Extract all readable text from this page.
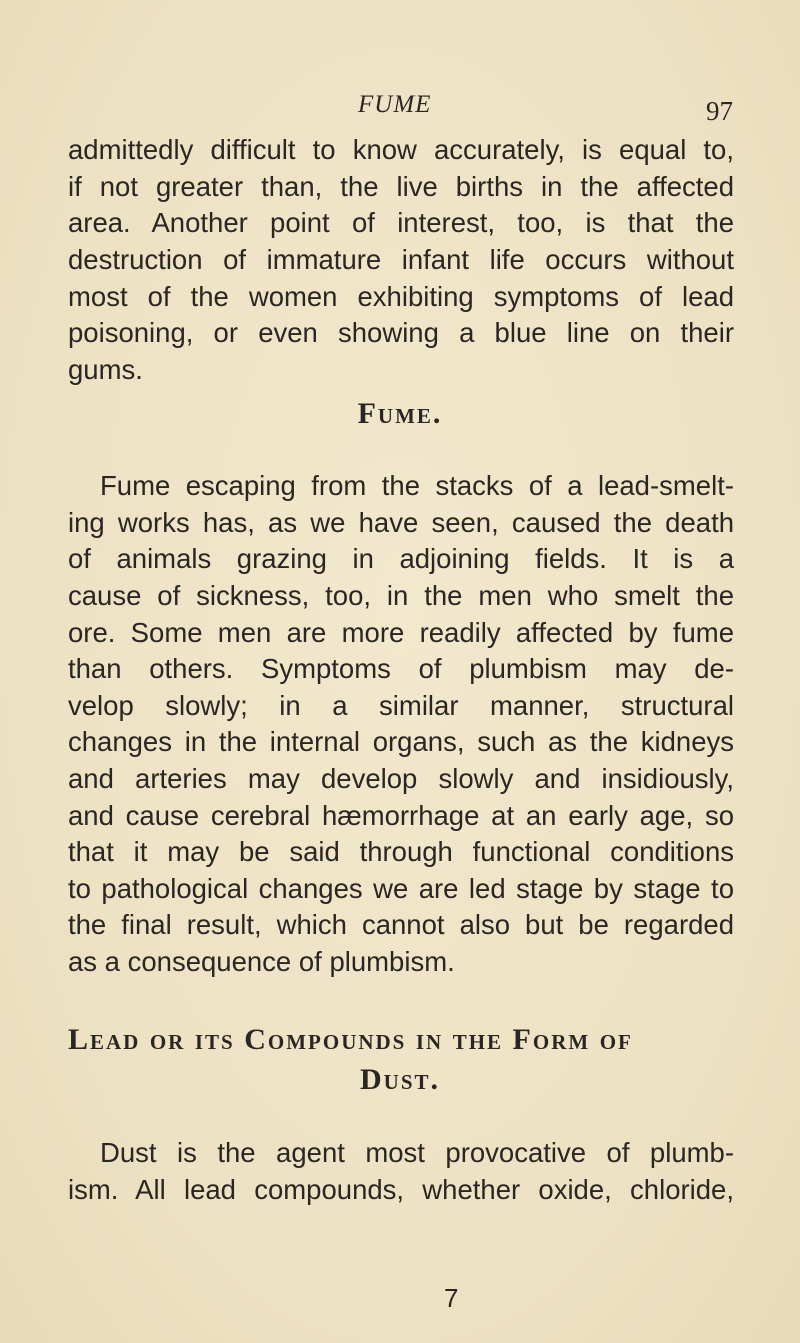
FUME	97

admittedly difficult to know accurately, is equal to,

if not greater than, the live births in the affected

area. Another point of interest, too, is that the

destruction of immature infant life occurs without

most of the women exhibiting symptoms of lead

poisoning, or even showing a blue line on their

gums.

Fume.

Fume escaping from the stacks of a lead-smelt-

ing works has, as we have seen, caused the death

of animals grazing in adjoining fields. It is a

cause of sickness, too, in the men who smelt the

ore. Some men are more readily affected by fume

than others. Symptoms of plumbism may de-

velop slowly; in a similar manner, structural

changes in the internal organs, such as the kidneys

and arteries may develop slowly and insidiously,

and cause cerebral hæmorrhage at an early age, so

that it may be said through functional conditions

to pathological changes we are led stage by stage to

the final result, which cannot also but be regarded

as a consequence of plumbism.

Lead or its Compounds in the Form of
Dust.

Dust is the agent most provocative of plumb-

ism. All lead compounds, whether oxide, chloride,

7
